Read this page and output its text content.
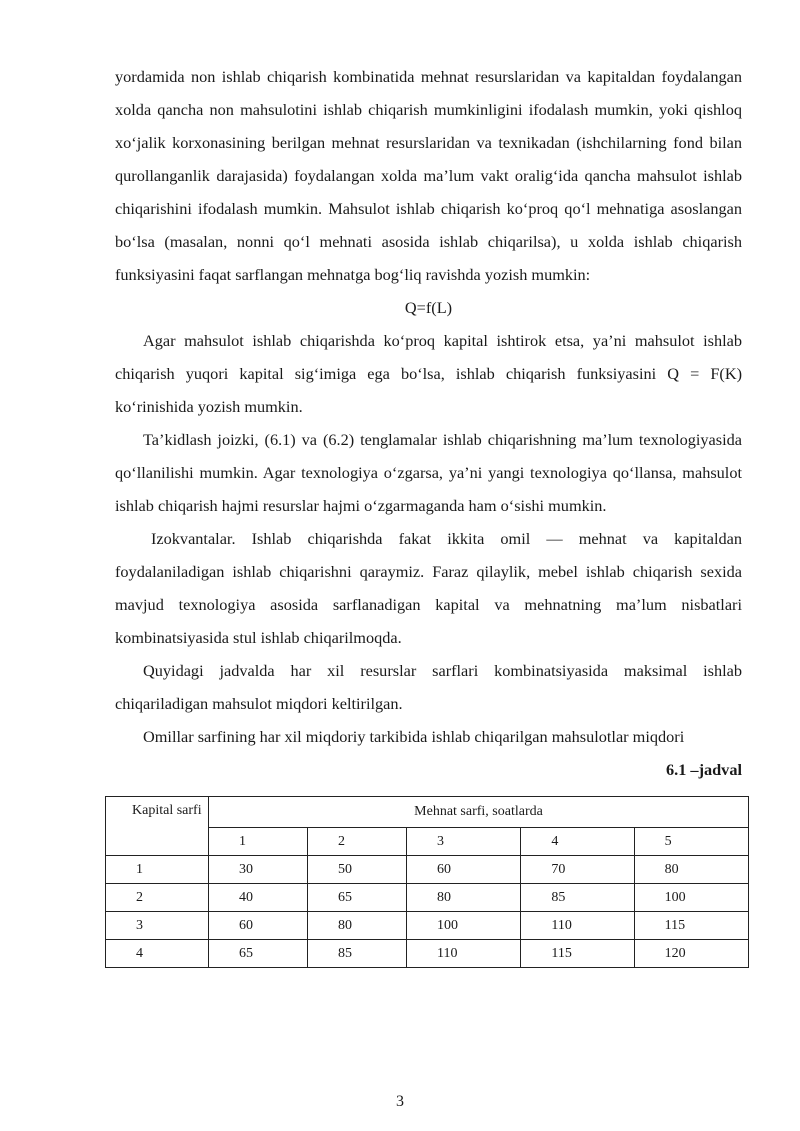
yordamida non ishlab chiqarish kombinatida mehnat resurslaridan va kapitaldan foydalangan xolda qancha non mahsulotini ishlab chiqarish mumkinligini ifodalash mumkin, yoki qishloq xo‘jalik korxonasining berilgan mehnat resurslaridan va texnikadan (ishchilarning fond bilan qurollanganlik darajasida) foydalangan xolda ma’lum vakt oralig‘ida qancha mahsulot ishlab chiqarishini ifodalash mumkin. Mahsulot ishlab chiqarish ko‘proq qo‘l mehnatiga asoslangan bo‘lsa (masalan, nonni qo‘l mehnati asosida ishlab chiqarilsa), u xolda ishlab chiqarish funksiyasini faqat sarflangan mehnatga bog‘liq ravishda yozish mumkin:

Q=f(L)

Agar mahsulot ishlab chiqarishda ko‘proq kapital ishtirok etsa, ya’ni mahsulot ishlab chiqarish yuqori kapital sig‘imiga ega bo‘lsa, ishlab chiqarish funksiyasini Q = F(K) ko‘rinishida yozish mumkin.

Ta’kidlash joizki, (6.1) va (6.2) tenglamalar ishlab chiqarishning ma’lum texnologiyasida qo‘llanilishi mumkin. Agar texnologiya o‘zgarsa, ya’ni yangi texnologiya qo‘llansa, mahsulot ishlab chiqarish hajmi resurslar hajmi o‘zgarmaganda ham o‘sishi mumkin.

Izokvantalar. Ishlab chiqarishda fakat ikkita omil — mehnat va kapitaldan foydalaniladigan ishlab chiqarishni qaraymiz. Faraz qilaylik, mebel ishlab chiqarish sexida mavjud texnologiya asosida sarflanadigan kapital va mehnatning ma’lum nisbatlari kombinatsiyasida stul ishlab chiqarilmoqda.

Quyidagi jadvalda har xil resurslar sarflari kombinatsiyasida maksimal ishlab chiqariladigan mahsulot miqdori keltirilgan.

Omillar sarfining har xil miqdoriy tarkibida ishlab chiqarilgan mahsulotlar miqdori

6.1 –jadval

Kapital sarfi	Mehnat sarfi, soatlarda				
	1	2	3	4	5
1	30	50	60	70	80
2	40	65	80	85	100
3	60	80	100	110	115
4	65	85	110	115	120
3
